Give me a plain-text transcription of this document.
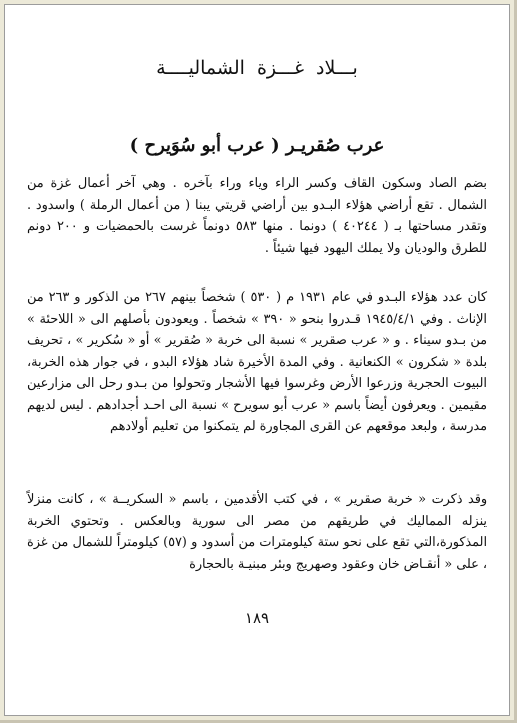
بـــلاد غـــزة الشماليــــة
عرب صُقريـر ( عرب أبو سُوَيرح )

بضم الصاد وسكون القاف وكسر الراء وياء وراء بآخره . وهي آخر أعمال غزة من الشمال . تقع أراضي هؤلاء البـدو بين أراضي قريتي يبنا ( من أعمال الرملة ) واسدود . وتقدر مساحتها بـ ( ٤٠٢٤٤ ) دونما . منها ٥٨٣ دونماً غرست بالحمضيات و ٢٠٠ دونم للطرق والوديان ولا يملك اليهود فيها شيئاً .

كان عدد هؤلاء البـدو في عام ١٩٣١ م ( ٥٣٠ ) شخصاً بينهم ٢٦٧ من الذكور و ٢٦٣ من الإناث . وفي ١٩٤٥/٤/١ قـدروا بنحو « ٣٩٠ » شخصاً . ويعودون بأصلهم الى « اللاحئة » من بـدو سيناء . و « عرب صقرير » نسبة الى خربة « صُقرير » أو « سُكرير » ، تحريف بلدة « شكرون » الكنعانية . وفي المدة الأخيرة شاد هؤلاء البدو ، في جوار هذه الخربة، البيوت الحجرية وزرعوا الأرض وغرسوا فيها الأشجار وتحولوا من بـدو رحل الى مزارعين مقيمين . ويعرفون أيضاً باسم « عرب أبو سويرح » نسبة الى احـد أجدادهم . ليس لديهم مدرسة ، ولبعد موقعهم عن القرى المجاورة لم يتمكنوا من تعليم أولادهم

وقد ذكرت « خربة صقرير » ، في كتب الأقدمين ، باسم « السكريــة » ، كانت منزلاً ينزله المماليك في طريقهم من مصر الى سورية وبالعكس . وتحتوي الخربة المذكورة،التي تقع على نحو ستة كيلومترات من أسدود و (٥٧) كيلومتراً للشمال من غزة ، على « أنقـاض خان وعقود وصهريج وبئر مبنيـة بالحجارة

١٨٩
